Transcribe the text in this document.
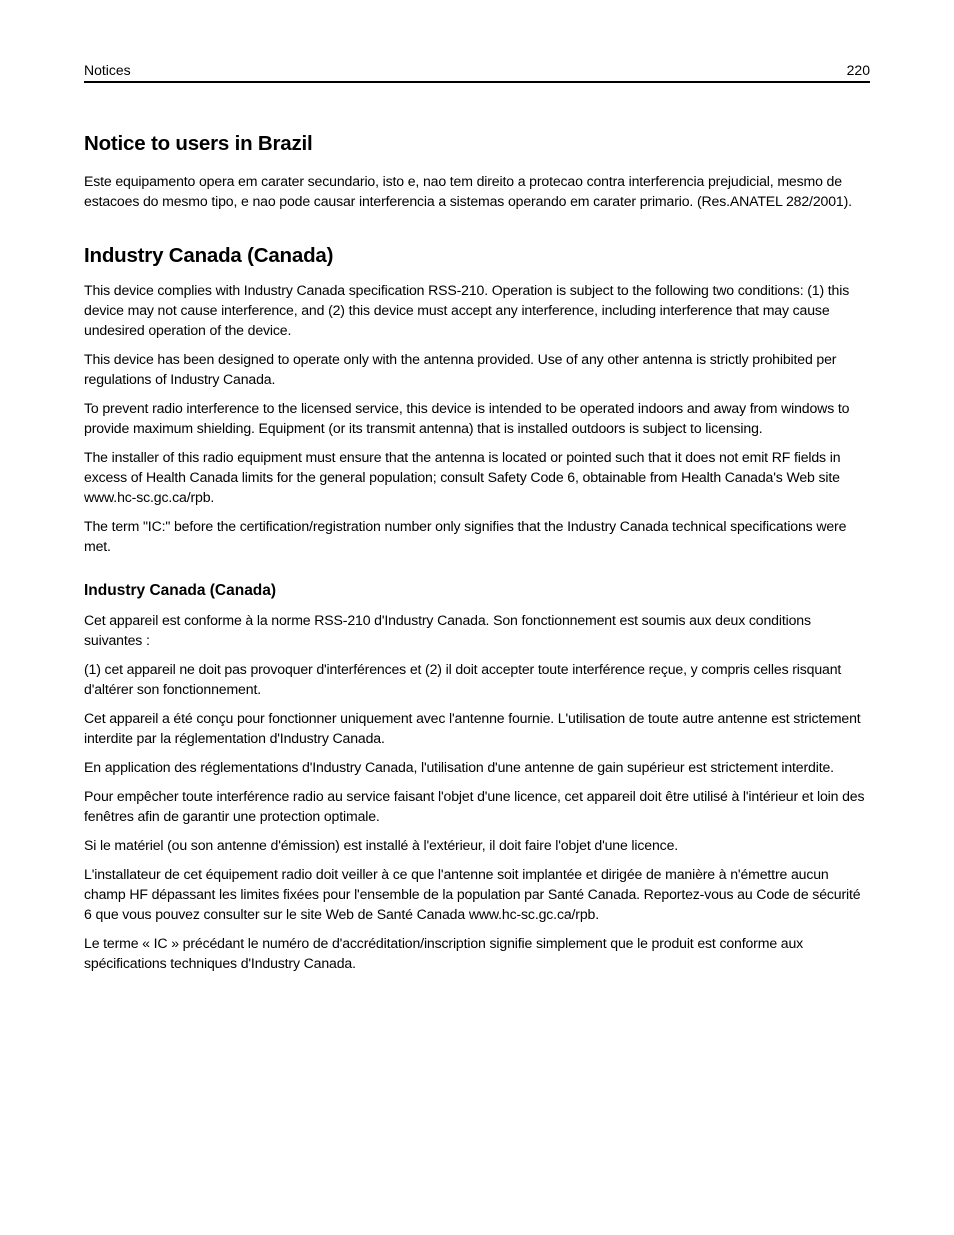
Notices	220
Notice to users in Brazil

Este equipamento opera em carater secundario, isto e, nao tem direito a protecao contra interferencia prejudicial, mesmo de estacoes do mesmo tipo, e nao pode causar interferencia a sistemas operando em carater primario. (Res.ANATEL 282/2001).

Industry Canada (Canada)

This device complies with Industry Canada specification RSS-210. Operation is subject to the following two conditions: (1) this device may not cause interference, and (2) this device must accept any interference, including interference that may cause undesired operation of the device.

This device has been designed to operate only with the antenna provided. Use of any other antenna is strictly prohibited per regulations of Industry Canada.

To prevent radio interference to the licensed service, this device is intended to be operated indoors and away from windows to provide maximum shielding. Equipment (or its transmit antenna) that is installed outdoors is subject to licensing.

The installer of this radio equipment must ensure that the antenna is located or pointed such that it does not emit RF fields in excess of Health Canada limits for the general population; consult Safety Code 6, obtainable from Health Canada's Web site www.hc-sc.gc.ca/rpb.

The term "IC:" before the certification/registration number only signifies that the Industry Canada technical specifications were met.

Industry Canada (Canada)

Cet appareil est conforme à la norme RSS-210 d'Industry Canada. Son fonctionnement est soumis aux deux conditions suivantes :

(1) cet appareil ne doit pas provoquer d'interférences et (2) il doit accepter toute interférence reçue, y compris celles risquant d'altérer son fonctionnement.

Cet appareil a été conçu pour fonctionner uniquement avec l'antenne fournie. L'utilisation de toute autre antenne est strictement interdite par la réglementation d'Industry Canada.

En application des réglementations d'Industry Canada, l'utilisation d'une antenne de gain supérieur est strictement interdite.

Pour empêcher toute interférence radio au service faisant l'objet d'une licence, cet appareil doit être utilisé à l'intérieur et loin des fenêtres afin de garantir une protection optimale.

Si le matériel (ou son antenne d'émission) est installé à l'extérieur, il doit faire l'objet d'une licence.

L'installateur de cet équipement radio doit veiller à ce que l'antenne soit implantée et dirigée de manière à n'émettre aucun champ HF dépassant les limites fixées pour l'ensemble de la population par Santé Canada. Reportez-vous au Code de sécurité 6 que vous pouvez consulter sur le site Web de Santé Canada www.hc-sc.gc.ca/rpb.

Le terme « IC » précédant le numéro de d'accréditation/inscription signifie simplement que le produit est conforme aux spécifications techniques d'Industry Canada.
